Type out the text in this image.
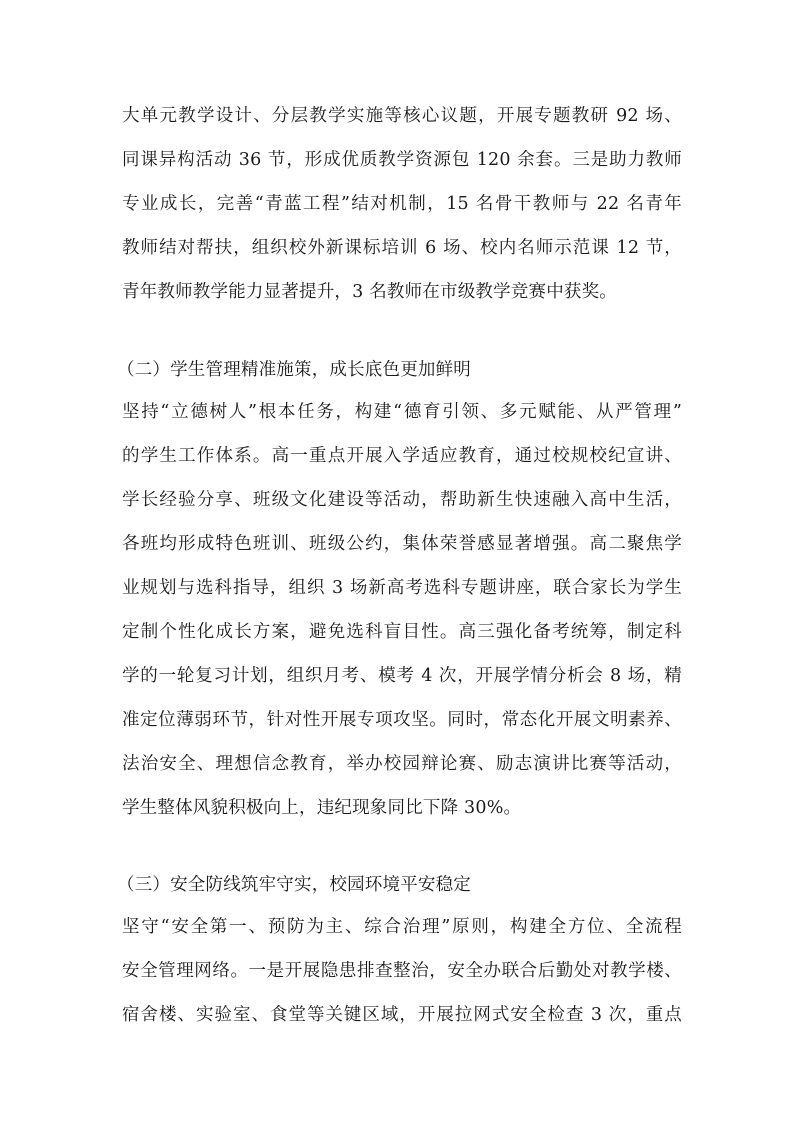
大单元教学设计、分层教学实施等核心议题，开展专题教研 92 场、
同课异构活动 36 节，形成优质教学资源包 120 余套。三是助力教师
专业成长，完善“青蓝工程”结对机制，15 名骨干教师与 22 名青年
教师结对帮扶，组织校外新课标培训 6 场、校内名师示范课 12 节，
青年教师教学能力显著提升，3 名教师在市级教学竞赛中获奖。
（二）学生管理精准施策，成长底色更加鲜明
坚持“立德树人”根本任务，构建“德育引领、多元赋能、从严管理”
的学生工作体系。高一重点开展入学适应教育，通过校规校纪宣讲、
学长经验分享、班级文化建设等活动，帮助新生快速融入高中生活，
各班均形成特色班训、班级公约，集体荣誉感显著增强。高二聚焦学
业规划与选科指导，组织 3 场新高考选科专题讲座，联合家长为学生
定制个性化成长方案，避免选科盲目性。高三强化备考统筹，制定科
学的一轮复习计划，组织月考、模考 4 次，开展学情分析会 8 场，精
准定位薄弱环节，针对性开展专项攻坚。同时，常态化开展文明素养、
法治安全、理想信念教育，举办校园辩论赛、励志演讲比赛等活动，
学生整体风貌积极向上，违纪现象同比下降 30%。
（三）安全防线筑牢守实，校园环境平安稳定
坚守“安全第一、预防为主、综合治理”原则，构建全方位、全流程
安全管理网络。一是开展隐患排查整治，安全办联合后勤处对教学楼、
宿舍楼、实验室、食堂等关键区域，开展拉网式安全检查 3 次，重点
